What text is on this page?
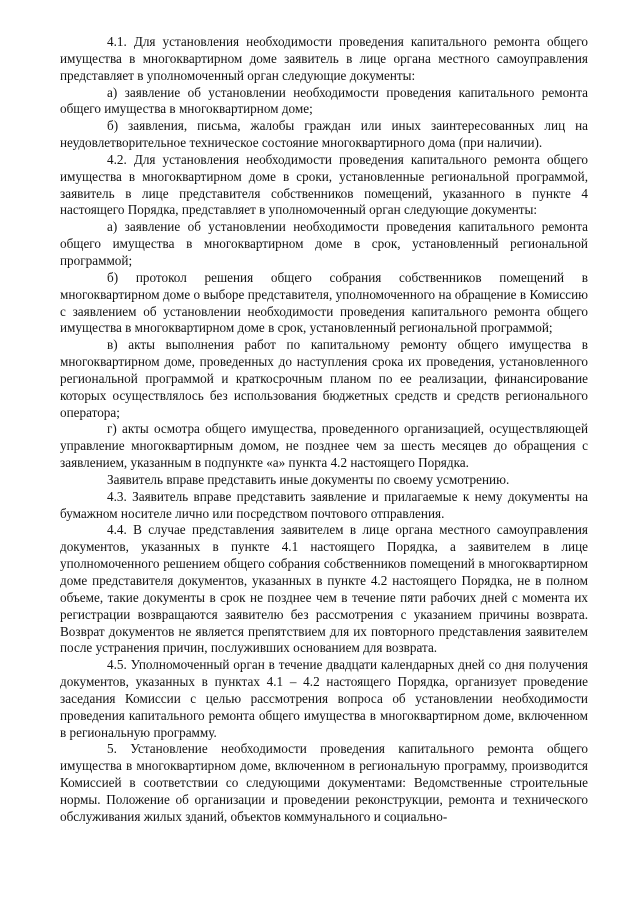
4.1. Для установления необходимости проведения капитального ремонта общего имущества в многоквартирном доме заявитель в лице органа местного самоуправления представляет в уполномоченный орган следующие документы:

а) заявление об установлении необходимости проведения капитального ремонта общего имущества в многоквартирном доме;

б) заявления, письма, жалобы граждан или иных заинтересованных лиц на неудовлетворительное техническое состояние многоквартирного дома (при наличии).

4.2. Для установления необходимости проведения капитального ремонта общего имущества в многоквартирном доме в сроки, установленные региональной программой, заявитель в лице представителя собственников помещений, указанного в пункте 4 настоящего Порядка, представляет в уполномоченный орган следующие документы:

а) заявление об установлении необходимости проведения капитального ремонта общего имущества в многоквартирном доме в срок, установленный региональной программой;

б) протокол решения общего собрания собственников помещений в многоквартирном доме о выборе представителя, уполномоченного на обращение в Комиссию с заявлением об установлении необходимости проведения капитального ремонта общего имущества в многоквартирном доме в срок, установленный региональной программой;

в) акты выполнения работ по капитальному ремонту общего имущества в многоквартирном доме, проведенных до наступления срока их проведения, установленного региональной программой и краткосрочным планом по ее реализации, финансирование которых осуществлялось без использования бюджетных средств и средств регионального оператора;

г) акты осмотра общего имущества, проведенного организацией, осуществляющей управление многоквартирным домом, не позднее чем за шесть месяцев до обращения с заявлением, указанным в подпункте «а» пункта 4.2 настоящего Порядка.

Заявитель вправе представить иные документы по своему усмотрению.

4.3. Заявитель вправе представить заявление и прилагаемые к нему документы на бумажном носителе лично или посредством почтового отправления.

4.4. В случае представления заявителем в лице органа местного самоуправления документов, указанных в пункте 4.1 настоящего Порядка, а заявителем в лице уполномоченного решением общего собрания собственников помещений в многоквартирном доме представителя документов, указанных в пункте 4.2 настоящего Порядка, не в полном объеме, такие документы в срок не позднее чем в течение пяти рабочих дней с момента их регистрации возвращаются заявителю без рассмотрения с указанием причины возврата. Возврат документов не является препятствием для их повторного представления заявителем после устранения причин, послуживших основанием для возврата.

4.5. Уполномоченный орган в течение двадцати календарных дней со дня получения документов, указанных в пунктах 4.1 – 4.2 настоящего Порядка, организует проведение заседания Комиссии с целью рассмотрения вопроса об установлении необходимости проведения капитального ремонта общего имущества в многоквартирном доме, включенном в региональную программу.

5. Установление необходимости проведения капитального ремонта общего имущества в многоквартирном доме, включенном в региональную программу, производится Комиссией в соответствии со следующими документами: Ведомственные строительные нормы. Положение об организации и проведении реконструкции, ремонта и технического обслуживания жилых зданий, объектов коммунального и социально-
